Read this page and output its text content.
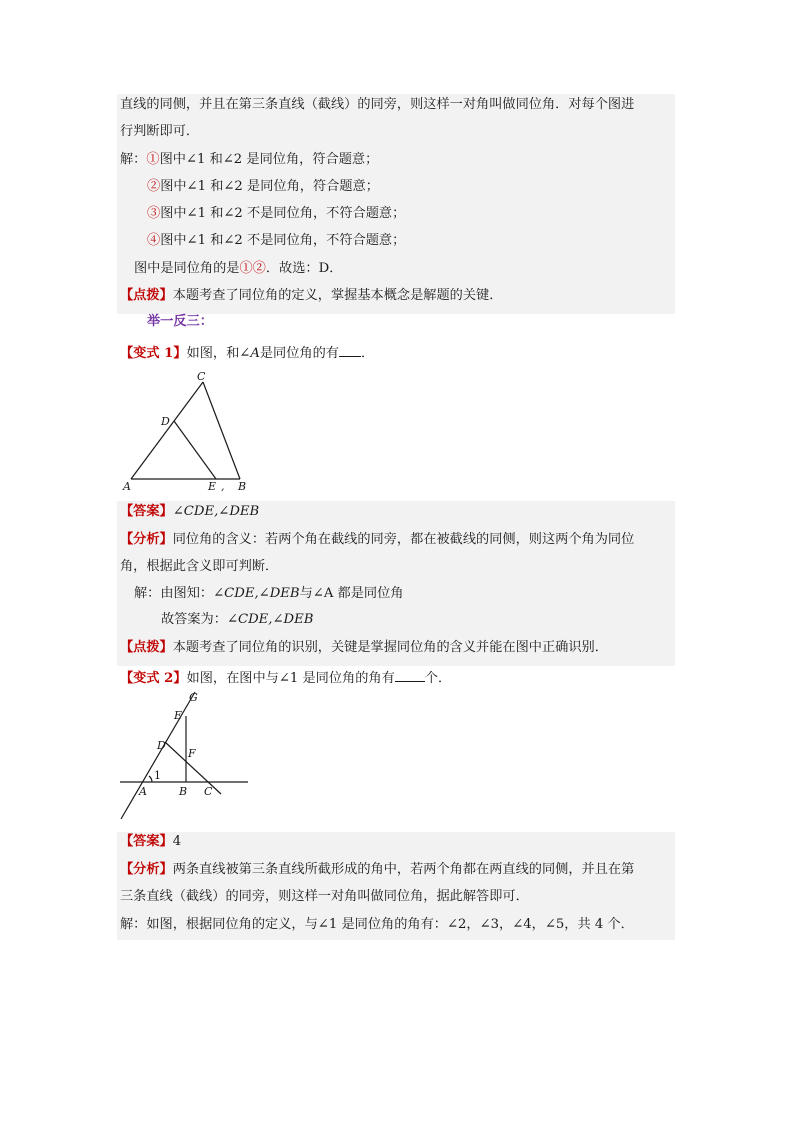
直线的同侧，并且在第三条直线（截线）的同旁，则这样一对角叫做同位角．对每个图进
行判断即可．
解：①图中∠1 和∠2 是同位角，符合题意；
②图中∠1 和∠2 是同位角，符合题意；
③图中∠1 和∠2 不是同位角，不符合题意；
④图中∠1 和∠2 不是同位角，不符合题意；
图中是同位角的是①②．故选：D．
【点拨】本题考查了同位角的定义，掌握基本概念是解题的关键．
举一反三：
【变式 1】如图，和∠A是同位角的有 ．
C
D
A	E , B
【答案】∠CDE,∠DEB
【分析】同位角的含义：若两个角在截线的同旁，都在被截线的同侧，则这两个角为同位
角，根据此含义即可判断．
解：由图知：∠CDE,∠DEB与∠A 都是同位角
故答案为：∠CDE,∠DEB
【点拨】本题考查了同位角的识别，关键是掌握同位角的含义并能在图中正确识别．
【变式 2】如图，在图中与∠1 是同位角的角有 个．
G
E
D
F
1
A	B C
【答案】4
【分析】两条直线被第三条直线所截形成的角中，若两个角都在两直线的同侧，并且在第
三条直线（截线）的同旁，则这样一对角叫做同位角，据此解答即可．
解：如图，根据同位角的定义，与∠1 是同位角的角有：∠2，∠3，∠4，∠5，共 4 个．
